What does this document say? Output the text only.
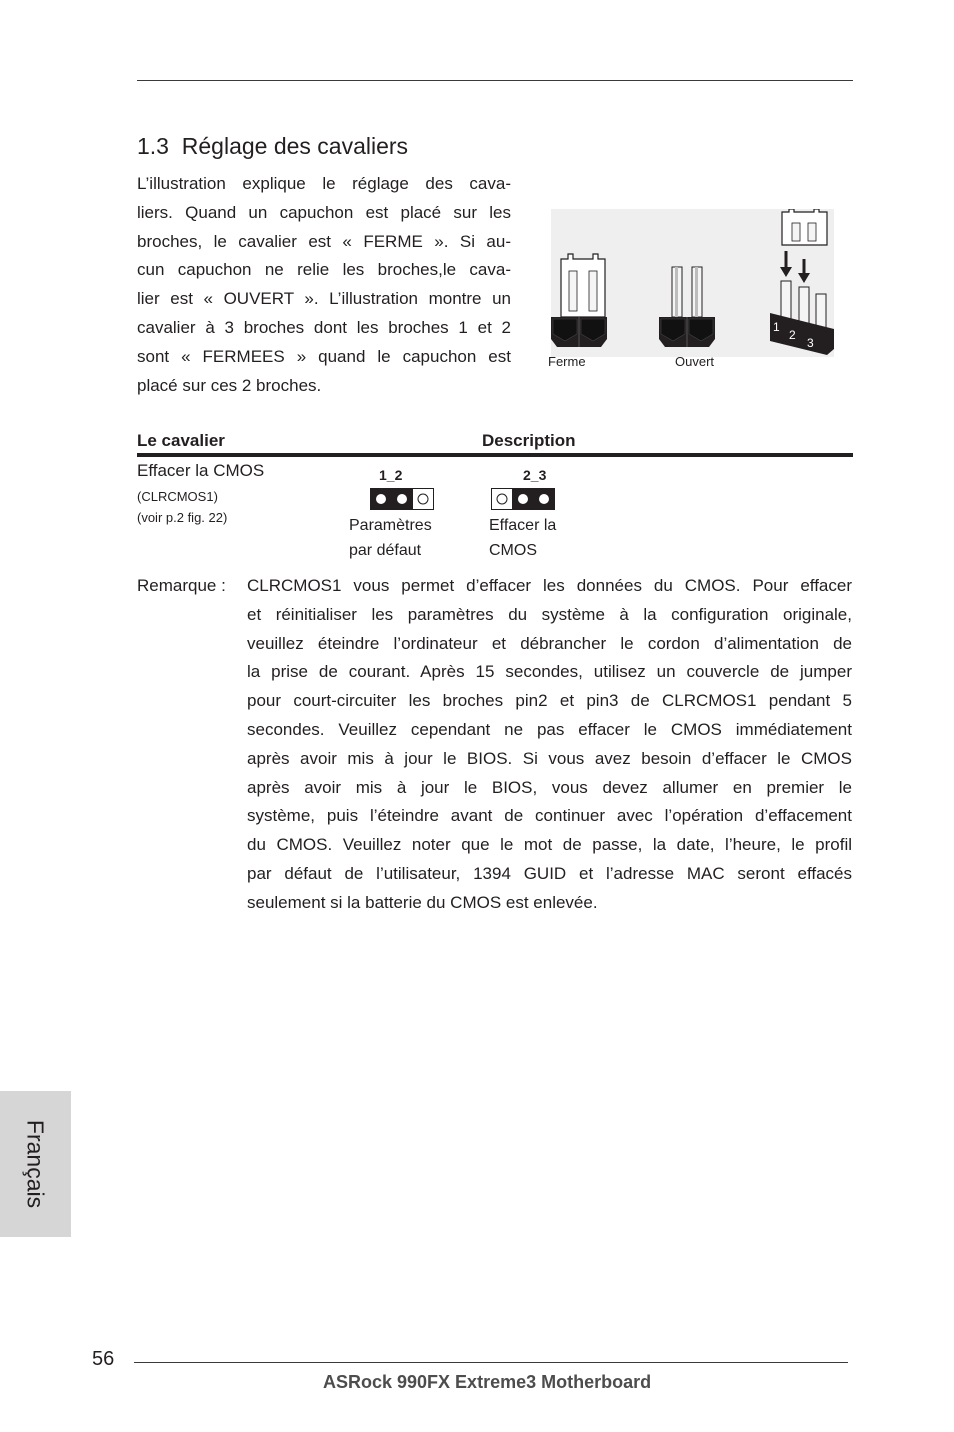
1.3 Réglage des cavaliers
L’illustration explique le réglage des cava-
liers. Quand un capuchon est placé sur les
broches, le cavalier est « FERME ». Si au-
cun capuchon ne relie les broches,le cava-
lier est « OUVERT ». L’illustration montre un
cavalier à 3 broches dont les broches 1 et 2
sont « FERMEES » quand le capuchon est
placé sur ces 2 broches.
1
2
3
Ferme	Ouvert
Le cavalier	Description
Effacer la CMOS
(CLRCMOS1)
(voir p.2 fig. 22)
1_2
Paramètres
par défaut
2_3
Effacer la
CMOS
Remarque : CLRCMOS1 vous permet d’effacer les données du CMOS. Pour effacer
et réinitialiser les paramètres du système à la configuration originale,
veuillez éteindre l’ordinateur et débrancher le cordon d’alimentation de
la prise de courant. Après 15 secondes, utilisez un couvercle de jumper
pour court-circuiter les broches pin2 et pin3 de CLRCMOS1 pendant 5
secondes. Veuillez cependant ne pas effacer le CMOS immédiatement
après avoir mis à jour le BIOS. Si vous avez besoin d’effacer le CMOS
après avoir mis à jour le BIOS, vous devez allumer en premier le
système, puis l’éteindre avant de continuer avec l’opération d’effacement
du CMOS. Veuillez noter que le mot de passe, la date, l’heure, le profil
par défaut de l’utilisateur, 1394 GUID et l’adresse MAC seront effacés
seulement si la batterie du CMOS est enlevée.
Français
56
ASRock 990FX Extreme3 Motherboard
